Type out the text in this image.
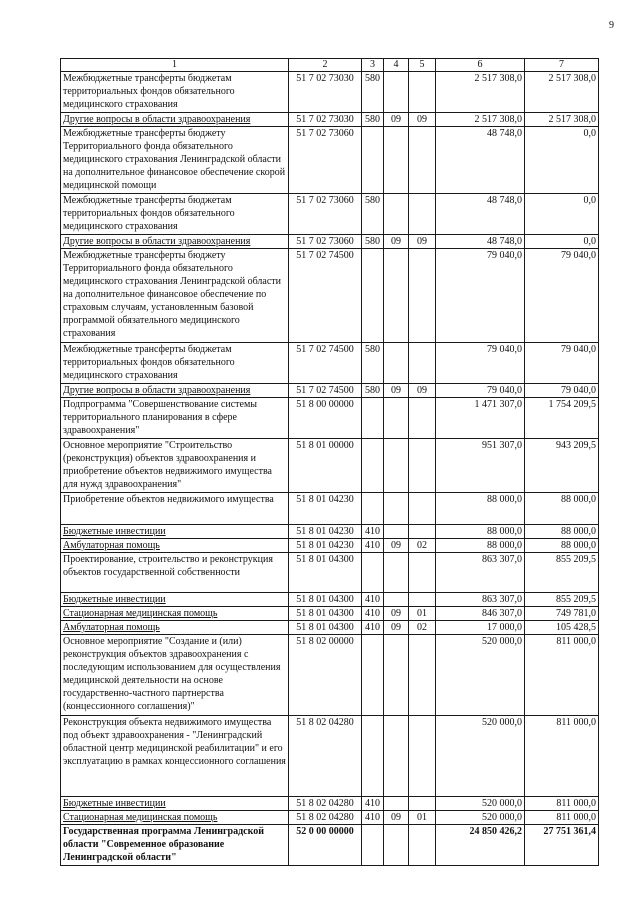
9
1	2	3	4	5	6	7
Межбюджетные трансферты бюджетам территориальных фондов обязательного медицинского страхования	51 7 02 73030	580			2 517 308,0	2 517 308,0
Другие вопросы в области здравоохранения	51 7 02 73030	580	09	09	2 517 308,0	2 517 308,0
Межбюджетные трансферты бюджету Территориального фонда обязательного медицинского страхования Ленинградской области на дополнительное финансовое обеспечение скорой медицинской помощи	51 7 02 73060				48 748,0	0,0
Межбюджетные трансферты бюджетам территориальных фондов обязательного медицинского страхования	51 7 02 73060	580			48 748,0	0,0
Другие вопросы в области здравоохранения	51 7 02 73060	580	09	09	48 748,0	0,0
Межбюджетные трансферты бюджету Территориального фонда обязательного медицинского страхования Ленинградской области на дополнительное финансовое обеспечение по страховым случаям, установленным базовой программой обязательного медицинского страхования	51 7 02 74500				79 040,0	79 040,0
Межбюджетные трансферты бюджетам территориальных фондов обязательного медицинского страхования	51 7 02 74500	580			79 040,0	79 040,0
Другие вопросы в области здравоохранения	51 7 02 74500	580	09	09	79 040,0	79 040,0
Подпрограмма "Совершенствование системы территориального планирования в сфере здравоохранения"	51 8 00 00000				1 471 307,0	1 754 209,5
Основное мероприятие "Строительство (реконструкция) объектов здравоохранения и приобретение объектов недвижимого имущества для нужд здравоохранения"	51 8 01 00000				951 307,0	943 209,5
Приобретение объектов недвижимого имущества	51 8 01 04230				88 000,0	88 000,0
Бюджетные инвестиции	51 8 01 04230	410			88 000,0	88 000,0
Амбулаторная помощь	51 8 01 04230	410	09	02	88 000,0	88 000,0
Проектирование, строительство и реконструкция объектов государственной собственности	51 8 01 04300				863 307,0	855 209,5
Бюджетные инвестиции	51 8 01 04300	410			863 307,0	855 209,5
Стационарная медицинская помощь	51 8 01 04300	410	09	01	846 307,0	749 781,0
Амбулаторная помощь	51 8 01 04300	410	09	02	17 000,0	105 428,5
Основное мероприятие "Создание и (или) реконструкция объектов здравоохранения с последующим использованием для осуществления медицинской деятельности на основе государственно-частного партнерства (концессионного соглашения)"	51 8 02 00000				520 000,0	811 000,0
Реконструкция объекта недвижимого имущества под объект здравоохранения - "Ленинградский областной центр медицинской реабилитации" и его эксплуатацию в рамках концессионного соглашения	51 8 02 04280				520 000,0	811 000,0
Бюджетные инвестиции	51 8 02 04280	410			520 000,0	811 000,0
Стационарная медицинская помощь	51 8 02 04280	410	09	01	520 000,0	811 000,0
Государственная программа Ленинградской области "Современное образование Ленинградской области"	52 0 00 00000				24 850 426,2	27 751 361,4
